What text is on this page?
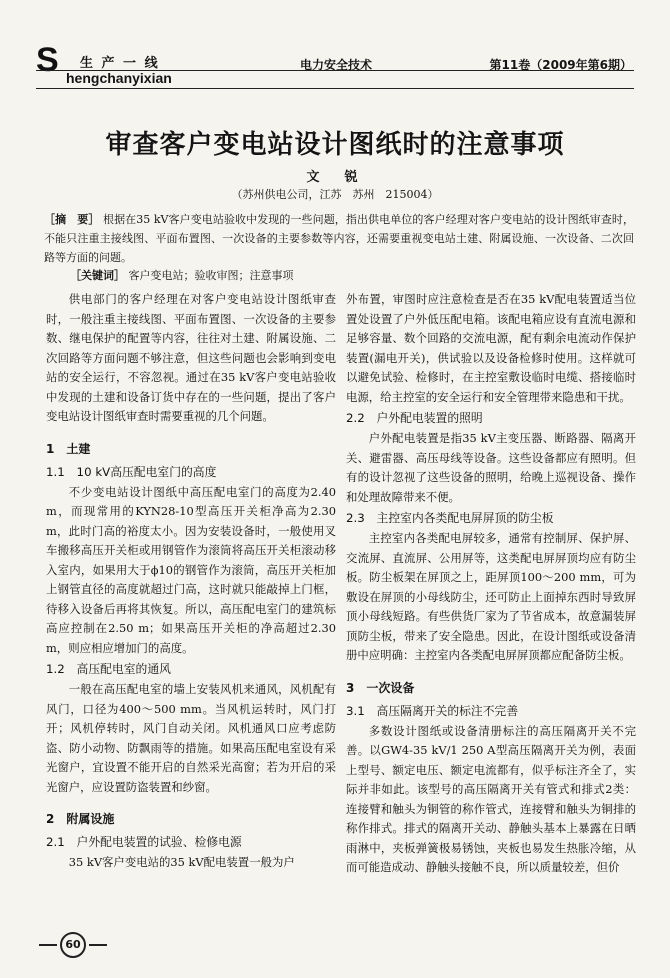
生 产 一 线
S hengchanyixian
电力安全技术	第11卷（2009年第6期）
审查客户变电站设计图纸时的注意事项
文　锐
（苏州供电公司，江苏　苏州　215004）
［摘　要］ 根据在35 kV客户变电站验收中发现的一些问题，指出供电单位的客户经理对客户变电站的设计图纸审查时，不能只注重主接线图、平面布置图、一次设备的主要参数等内容，还需要重视变电站土建、附属设施、一次设备、二次回路等方面的问题。
［关键词］ 客户变电站；验收审图；注意事项

供电部门的客户经理在对客户变电站设计图纸审查时，一般注重主接线图、平面布置图、一次设备的主要参数、继电保护的配置等内容，往往对土建、附属设施、二次回路等方面问题不够注意，但这些问题也会影响到变电站的安全运行，不容忽视。通过在35 kV客户变电站验收中发现的土建和设备订货中存在的一些问题，提出了客户变电站设计图纸审查时需要重视的几个问题。

1　土建
1.1　10 kV高压配电室门的高度

不少变电站设计图纸中高压配电室门的高度为2.40 m，而现常用的KYN28-10型高压开关柜净高为2.30 m，此时门高的裕度太小。因为安装设备时，一般使用叉车搬移高压开关柜或用钢管作为滚筒将高压开关柜滚动移入室内，如果用大于ϕ10的钢管作为滚筒，高压开关柜加上钢管直径的高度就超过门高，这时就只能敲掉上门框，待移入设备后再将其恢复。所以，高压配电室门的建筑标高应控制在2.50 m；如果高压开关柜的净高超过2.30 m，则应相应增加门的高度。

1.2　高压配电室的通风

一般在高压配电室的墙上安装风机来通风，风机配有风门，口径为400～500 mm。当风机运转时，风门打开；风机停转时，风门自动关闭。风机通风口应考虑防盗、防小动物、防飘雨等的措施。如果高压配电室设有采光窗户，宜设置不能开启的自然采光高窗；若为开启的采光窗户，应设置防盗装置和纱窗。

2　附属设施
2.1　户外配电装置的试验、检修电源

35 kV客户变电站的35 kV配电装置一般为户

外布置，审图时应注意检查是否在35 kV配电装置适当位置处设置了户外低压配电箱。该配电箱应设有直流电源和足够容量、数个回路的交流电源，配有剩余电流动作保护装置(漏电开关)，供试验以及设备检修时使用。这样就可以避免试验、检修时，在主控室敷设临时电缆、搭接临时电源，给主控室的安全运行和安全管理带来隐患和干扰。

2.2　户外配电装置的照明

户外配电装置是指35 kV主变压器、断路器、隔离开关、避雷器、高压母线等设备。这些设备都应有照明。但有的设计忽视了这些设备的照明，给晚上巡视设备、操作和处理故障带来不便。

2.3　主控室内各类配电屏屏顶的防尘板

主控室内各类配电屏较多，通常有控制屏、保护屏、交流屏、直流屏、公用屏等，这类配电屏屏顶均应有防尘板。防尘板架在屏顶之上，距屏顶100～200 mm，可为敷设在屏顶的小母线防尘，还可防止上面掉东西时导致屏顶小母线短路。有些供货厂家为了节省成本，故意漏装屏顶防尘板，带来了安全隐患。因此，在设计图纸或设备清册中应明确：主控室内各类配电屏屏顶都应配备防尘板。

3　一次设备
3.1　高压隔离开关的标注不完善

多数设计图纸或设备清册标注的高压隔离开关不完善。以GW4-35 kV/1 250 A型高压隔离开关为例，表面上型号、额定电压、额定电流都有，似乎标注齐全了，实际并非如此。该型号的高压隔离开关有管式和排式2类：连接臂和触头为铜管的称作管式，连接臂和触头为铜排的称作排式。排式的隔离开关动、静触头基本上暴露在日晒雨淋中，夹板弹簧极易锈蚀，夹板也易发生热胀冷缩，从而可能造成动、静触头接触不良，所以质量较差，但价

60
